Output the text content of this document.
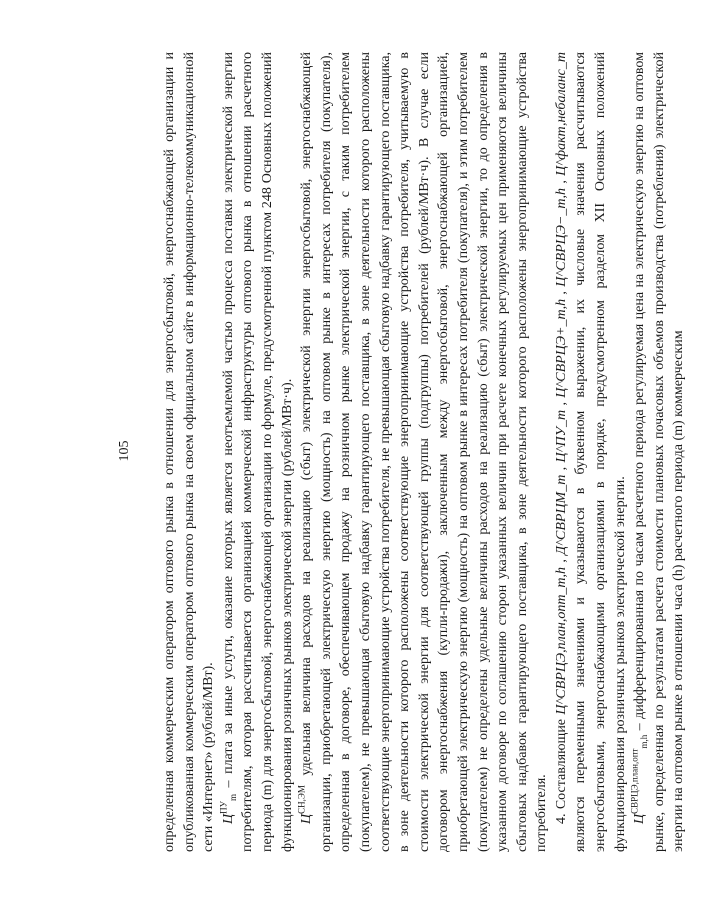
105 определенная коммерческим оператором оптового рынка в отношении для энергосбытовой, энергоснабжающей организации и опубликованная коммерческим оператором оптового рынка на своем официальном сайте в информационно-телекоммуникационной сети «Интернет» (рублей/МВт). $Ц^{ПУ}_m$ – плата за иные услуги, оказание которых является неотъемлемой частью процесса поставки электрической энергии потребителям, которая рассчитывается организацией коммерческой инфраструктуры оптового рынка в отношении расчетного периода (m) для энергосбытовой, энергоснабжающей организации по формуле, предусмотренной пунктом 248 Основных положений функционирования розничных рынков электрической энергии (рублей/МВт·ч). $Ц^{СН,ЭМ}$ удельная величина расходов на реализацию (сбыт) электрической энергии энергосбытовой, энергоснабжающей организации, приобретающей электрическую энергию (мощность) на оптовом рынке в интересах потребителя (покупателя), определенная в договоре, обеспечивающем продажу на розничном рынке электрической энергии, с таким потребителем (покупателем), не превышающая сбытовую надбавку гарантирующего поставщика, в зоне деятельности которого расположены соответствующие энергопринимающие устройства потребителя, не превышающая сбытовую надбавку гарантирующего поставщика, в зоне деятельности которого расположены соответствующие энергопринимающие устройства потребителя, учитываемую в стоимости электрической энергии для соответствующей группы (подгруппы) потребителей (рублей/МВт·ч). В случае если договором энергоснабжения (купли-продажи), заключенным между энергосбытовой, энергоснабжающей организацией, приобретающей электрическую энергию (мощность) на оптовом рынке в интересах потребителя (покупателя), и этим потребителем (покупателем) не определены удельные величины расходов на реализацию (сбыт) электрической энергии, то до определения в указанном договоре по соглашению сторон указанных величин при расчете конечных регулируемых цен применяются величины сбытовых надбавок гарантирующего поставщика, в зоне деятельности которого расположены энергопринимающие устройства потребителя. 4. Составляющие Ц^СВРЦЭ,план,опт_m,h , Д^СВРЦМ_m , Ц^ПУ_m , Ц^СВРЦЭ+_m,h , Ц^СВРЦЭ−_m,h , Ц^факт,небаланс_m являются переменными значениями и указываются в буквенном выражении, их числовые значения рассчитываются энергосбытовыми, энергоснабжающими организациями в порядке, предусмотренном разделом XII Основных положений функционирования розничных рынков электрической энергии. $Ц^{СВРЦЭ,план,опт}_{m,h}$ – дифференцированная по часам расчетного периода регулируемая цена на электрическую энергию на оптовом рынке, определенная по результатам расчета стоимости плановых почасовых объемов производства (потребления) электрической энергии на оптовом рынке в отношении часа (h) расчетного периода (m) коммерческим
